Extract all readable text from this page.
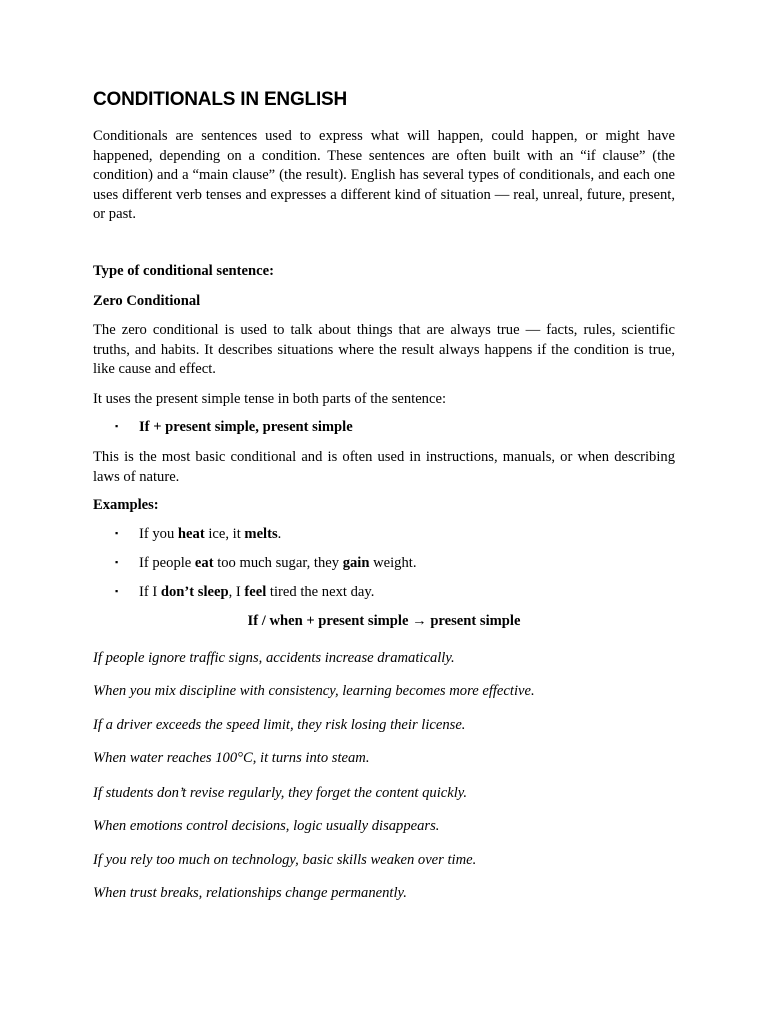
CONDITIONALS IN ENGLISH

Conditionals are sentences used to express what will happen, could happen, or might have happened, depending on a condition. These sentences are often built with an “if clause” (the condition) and a “main clause” (the result). English has several types of conditionals, and each one uses different verb tenses and expresses a different kind of situation — real, unreal, future, present, or past.

Type of conditional sentence:

Zero Conditional

The zero conditional is used to talk about things that are always true — facts, rules, scientific truths, and habits. It describes situations where the result always happens if the condition is true, like cause and effect.

It uses the present simple tense in both parts of the sentence:

▪ If + present simple, present simple

This is the most basic conditional and is often used in instructions, manuals, or when describing laws of nature.

Examples:

▪ If you heat ice, it melts.

▪ If people eat too much sugar, they gain weight.

▪ If I don’t sleep, I feel tired the next day.

If / when + present simple → present simple

If people ignore traffic signs, accidents increase dramatically.

When you mix discipline with consistency, learning becomes more effective.

If a driver exceeds the speed limit, they risk losing their license.

When water reaches 100°C, it turns into steam.

If students don’t revise regularly, they forget the content quickly.

When emotions control decisions, logic usually disappears.

If you rely too much on technology, basic skills weaken over time.

When trust breaks, relationships change permanently.
